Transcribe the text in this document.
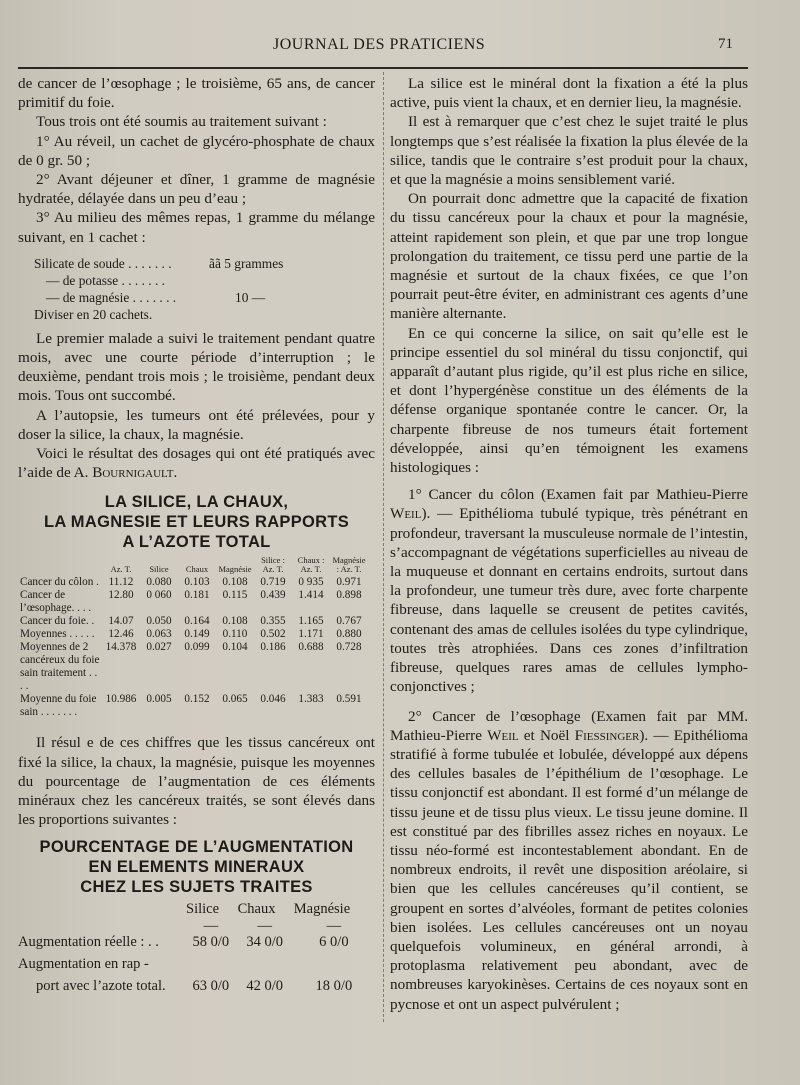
JOURNAL DES PRATICIENS	71

de cancer de l’œsophage ; le troisième, 65 ans, de cancer primitif du foie.

Tous trois ont été soumis au traitement suivant :

1° Au réveil, un cachet de glycéro-phosphate de chaux de 0 gr. 50 ;

2° Avant déjeuner et dîner, 1 gramme de magnésie hydratée, délayée dans un peu d’eau ;

3° Au milieu des mêmes repas, 1 gramme du mélange suivant, en 1 cachet :

Silicate de soude . . . . . . .	ãã 5 grammes
— de potasse . . . . . . .
— de magnésie . . . . . . .	10 —
Diviser en 20 cachets.

Le premier malade a suivi le traitement pendant quatre mois, avec une courte période d’interruption ; le deuxième, pendant trois mois ; le troisième, pendant deux mois. Tous ont succombé.

A l’autopsie, les tumeurs ont été prélevées, pour y doser la silice, la chaux, la magnésie.

Voici le résultat des dosages qui ont été pratiqués avec l’aide de A. Bournigault.

LA SILICE, LA CHAUX,
LA MAGNESIE ET LEURS RAPPORTS
A L’AZOTE TOTAL
	Az. T.	Silice	Chaux	Magnésie	Silice : Az. T.	Chaux : Az. T.	Magnésie : Az. T.
Cancer du côlon .	11.12	0.080	0.103	0.108	0.719	0 935	0.971
Cancer de l’œsophage. . . .	12.80	0 060	0.181	0.115	0.439	1.414	0.898
Cancer du foie. .	14.07	0.050	0.164	0.108	0.355	1.165	0.767
Moyennes . . . . .	12.46	0.063	0.149	0.110	0.502	1.171	0.880
Moyennes de 2 cancéreux du foie sain traitement . . . .	14.378	0.027	0.099	0.104	0.186	0.688	0.728
Moyenne du foie sain . . . . . . .	10.986	0.005	0.152	0.065	0.046	1.383	0.591

Il résul e de ces chiffres que les tissus cancéreux ont fixé la silice, la chaux, la magnésie, puisque les moyennes du pourcentage de l’augmentation de ces éléments minéraux chez les cancéreux traités, se sont élevés dans les proportions suivantes :

POURCENTAGE DE L’AUGMENTATION
EN ELEMENTS MINERAUX
CHEZ LES SUJETS TRAITES
	Silice	Chaux	Magnésie
	—	—	—
Augmentation réelle : . .	58 0/0	34 0/0	6 0/0
Augmentation en rap -			
port avec l’azote total.	63 0/0	42 0/0	18 0/0

La silice est le minéral dont la fixation a été la plus active, puis vient la chaux, et en dernier lieu, la magnésie.

Il est à remarquer que c’est chez le sujet traité le plus longtemps que s’est réalisée la fixation la plus élevée de la silice, tandis que le contraire s’est produit pour la chaux, et que la magnésie a moins sensiblement varié.

On pourrait donc admettre que la capacité de fixation du tissu cancéreux pour la chaux et pour la magnésie, atteint rapidement son plein, et que par une trop longue prolongation du traitement, ce tissu perd une partie de la magnésie et surtout de la chaux fixées, ce que l’on pourrait peut-être éviter, en administrant ces agents d’une manière alternante.

En ce qui concerne la silice, on sait qu’elle est le principe essentiel du sol minéral du tissu conjonctif, qui apparaît d’autant plus rigide, qu’il est plus riche en silice, et dont l’hypergénèse constitue un des éléments de la défense organique spontanée contre le cancer. Or, la charpente fibreuse de nos tumeurs était fortement développée, ainsi qu’en témoignent les examens histologiques :

1° Cancer du côlon (Examen fait par Mathieu-Pierre Weil). — Epithélioma tubulé typique, très pénétrant en profondeur, traversant la musculeuse normale de l’intestin, s’accompagnant de végétations superficielles au niveau de la muqueuse et donnant en certains endroits, surtout dans la profondeur, une tumeur très dure, avec forte charpente fibreuse, dans laquelle se creusent de petites cavités, contenant des amas de cellules isolées du type cylindrique, toutes très atrophiées. Dans ces zones d’infiltration fibreuse, quelques rares amas de cellules lympho-conjonctives ;

2° Cancer de l’œsophage (Examen fait par MM. Mathieu-Pierre Weil et Noël Fiessinger). — Epithélioma stratifié à forme tubulée et lobulée, développé aux dépens des cellules basales de l’épithélium de l’œsophage. Le tissu conjonctif est abondant. Il est formé d’un mélange de tissu jeune et de tissu plus vieux. Le tissu jeune domine. Il est constitué par des fibrilles assez riches en noyaux. Le tissu néo-formé est incontestablement abondant. En de nombreux endroits, il revêt une disposition aréolaire, si bien que les cellules cancéreuses qu’il contient, se groupent en sortes d’alvéoles, formant de petites colonies bien isolées. Les cellules cancéreuses ont un noyau quelquefois volumineux, en général arrondi, à protoplasma relativement peu abondant, avec de nombreuses karyokinèses. Certains de ces noyaux sont en pycnose et ont un aspect pulvérulent ;
